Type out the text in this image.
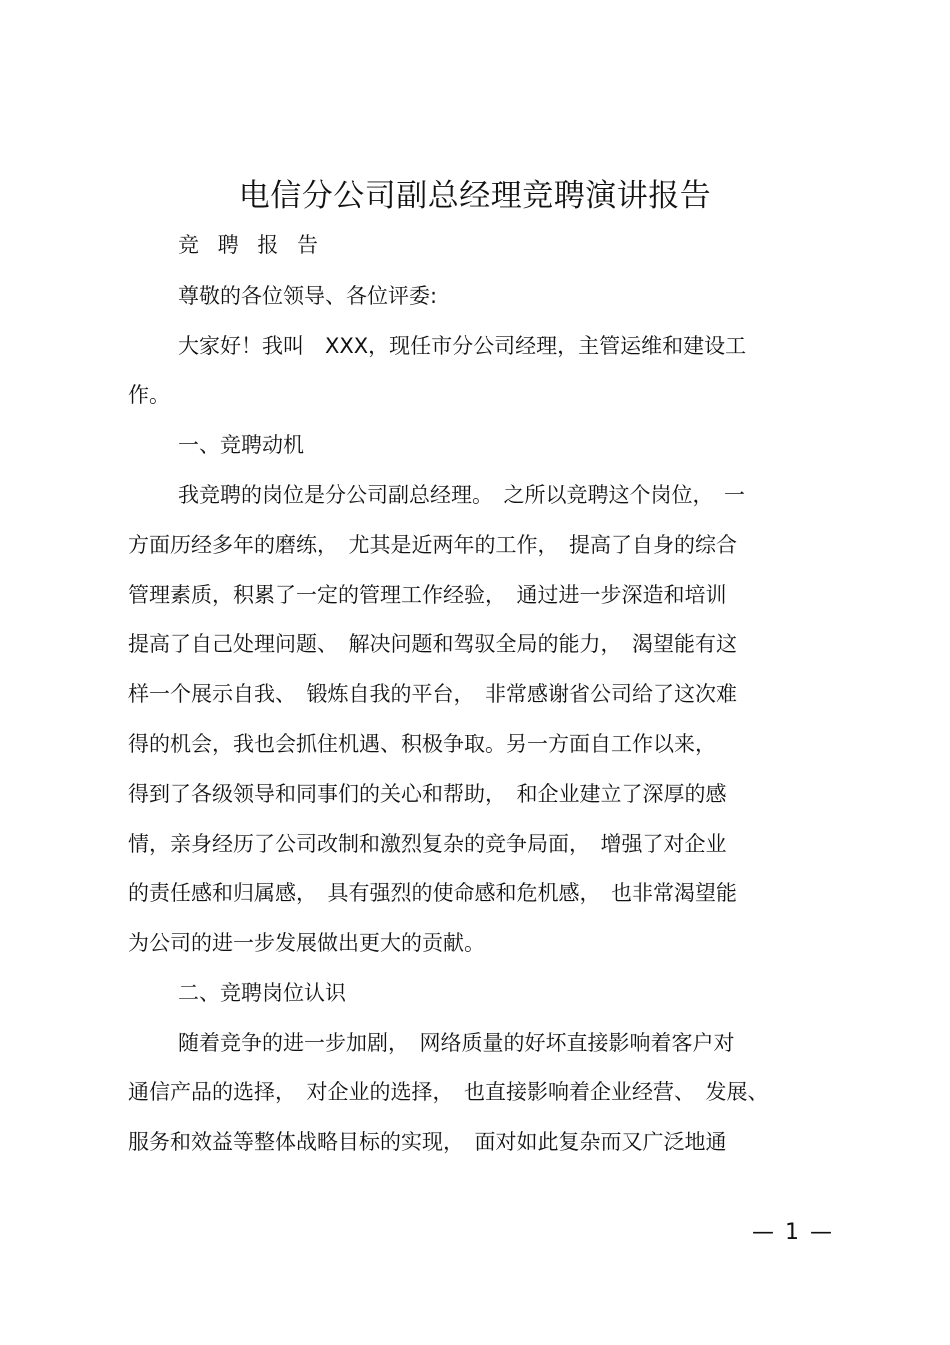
电信分公司副总经理竞聘演讲报告

竞 聘 报 告

尊敬的各位领导、各位评委:

大家好！我叫　XXX，现任市分公司经理，主管运维和建设工

作。

一、竞聘动机

我竞聘的岗位是分公司副总经理。　之所以竞聘这个岗位，　一

方面历经多年的磨练，　尤其是近两年的工作，　提高了自身的综合

管理素质，积累了一定的管理工作经验，　通过进一步深造和培训

提高了自己处理问题、　解决问题和驾驭全局的能力，　渴望能有这

样一个展示自我、　锻炼自我的平台，　非常感谢省公司给了这次难

得的机会，我也会抓住机遇、积极争取。另一方面自工作以来，

得到了各级领导和同事们的关心和帮助，　和企业建立了深厚的感

情，亲身经历了公司改制和激烈复杂的竞争局面，　增强了对企业

的责任感和归属感，　具有强烈的使命感和危机感，　也非常渴望能

为公司的进一步发展做出更大的贡献。

二、竞聘岗位认识

随着竞争的进一步加剧，　网络质量的好坏直接影响着客户对

通信产品的选择，　对企业的选择，　也直接影响着企业经营、　发展、

服务和效益等整体战略目标的实现，　面对如此复杂而又广泛地通

— 1 —
